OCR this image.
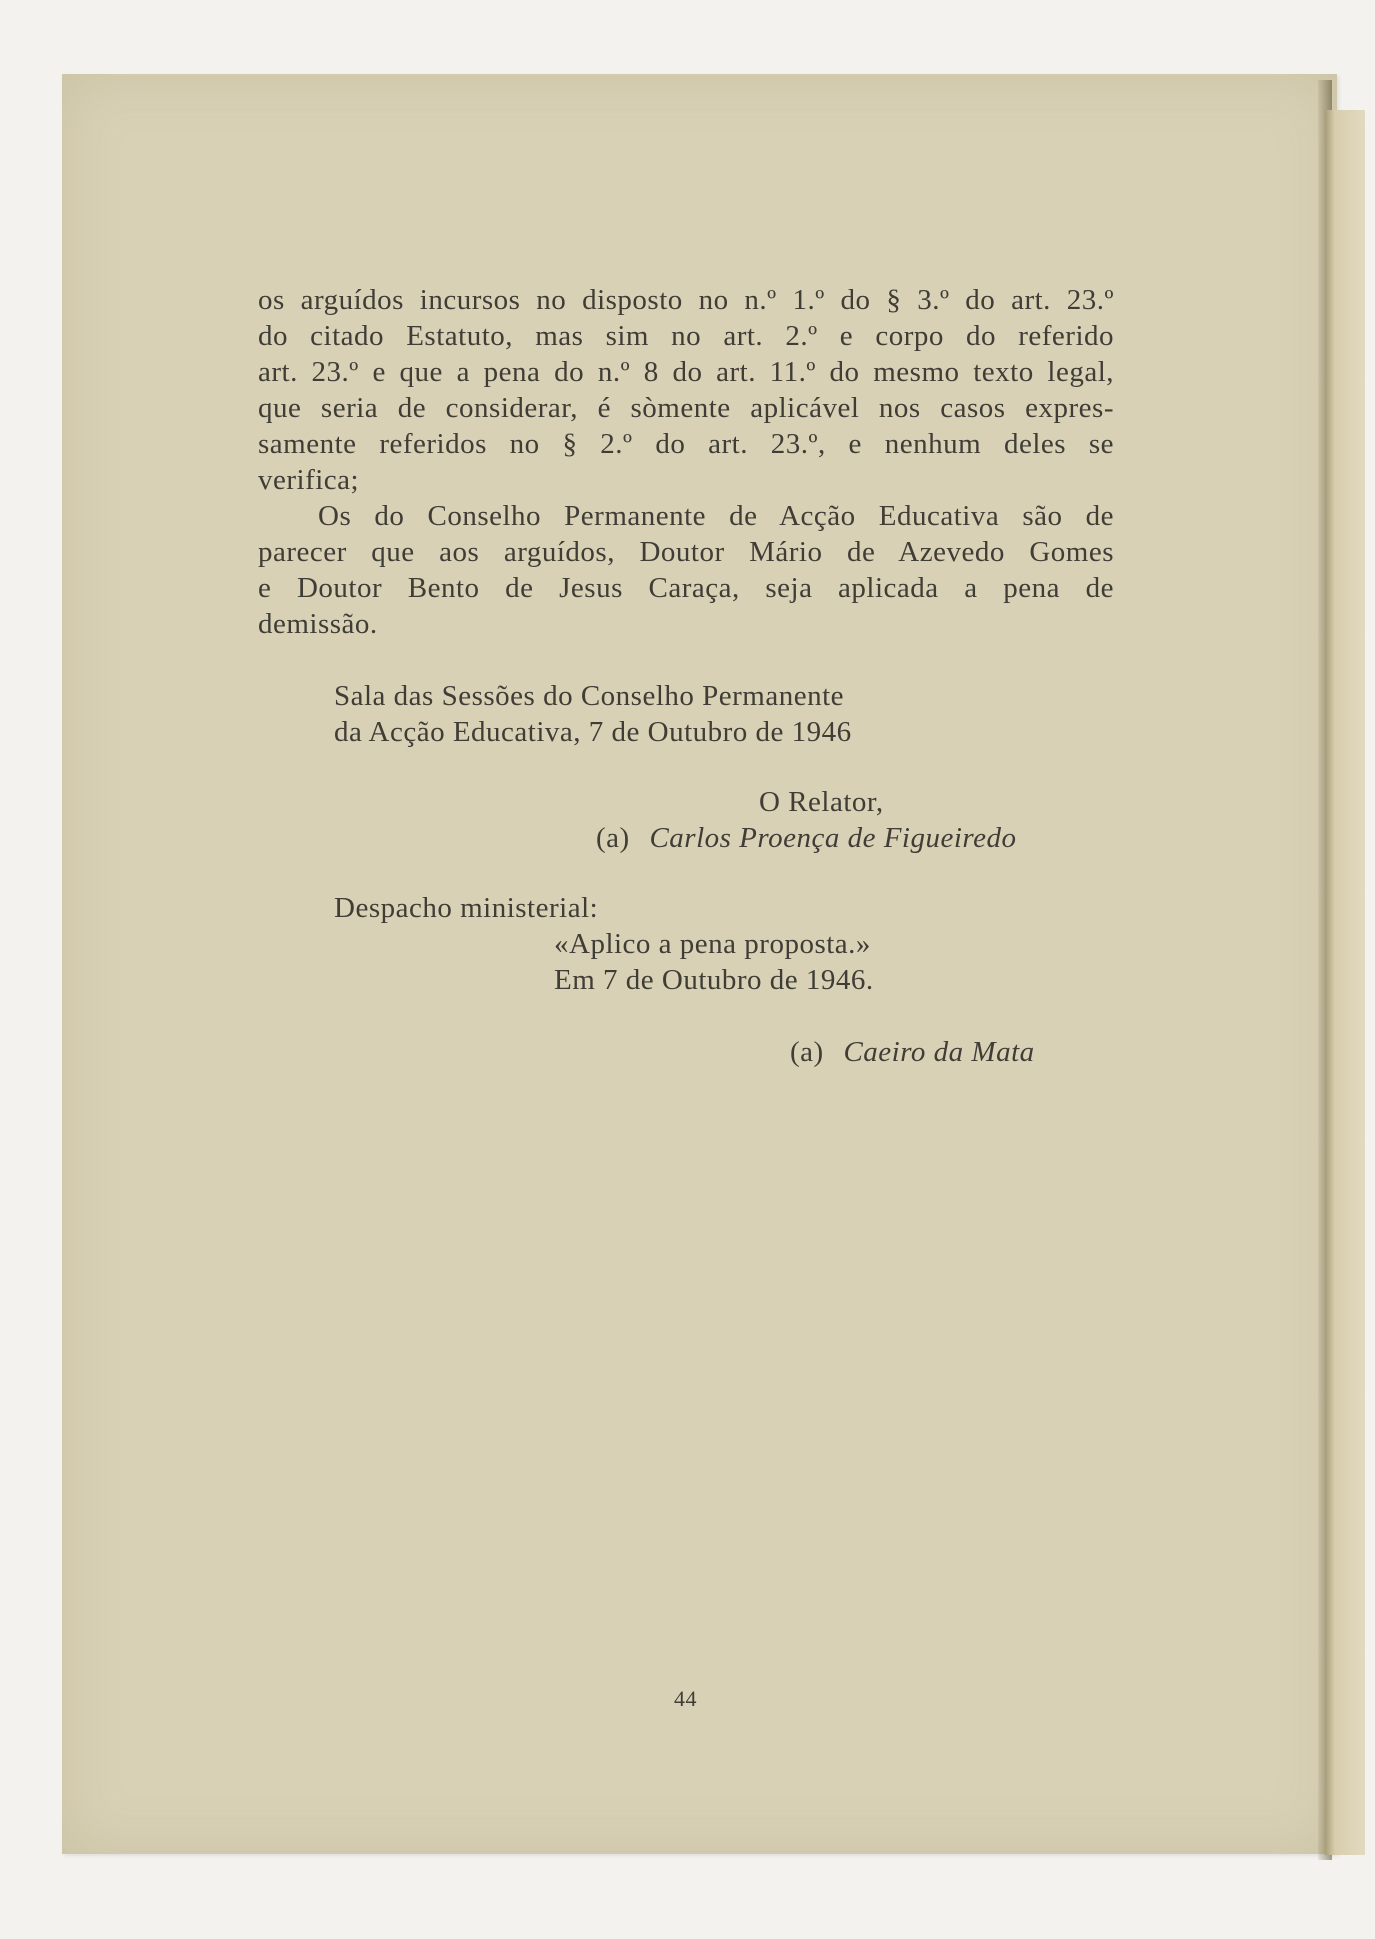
os arguídos incursos no disposto no n.º 1.º do § 3.º do art. 23.º
do citado Estatuto, mas sim no art. 2.º e corpo do referido
art. 23.º e que a pena do n.º 8 do art. 11.º do mesmo texto legal,
que seria de considerar, é sòmente aplicável nos casos expres-
samente referidos no § 2.º do art. 23.º, e nenhum deles se
verifica;

Os do Conselho Permanente de Acção Educativa são de
parecer que aos arguídos, Doutor Mário de Azevedo Gomes
e Doutor Bento de Jesus Caraça, seja aplicada a pena de
demissão.

Sala das Sessões do Conselho Permanente
da Acção Educativa, 7 de Outubro de 1946
O Relator,
(a) Carlos Proença de Figueiredo
Despacho ministerial:
«Aplico a pena proposta.»
Em 7 de Outubro de 1946.
(a) Caeiro da Mata
44
